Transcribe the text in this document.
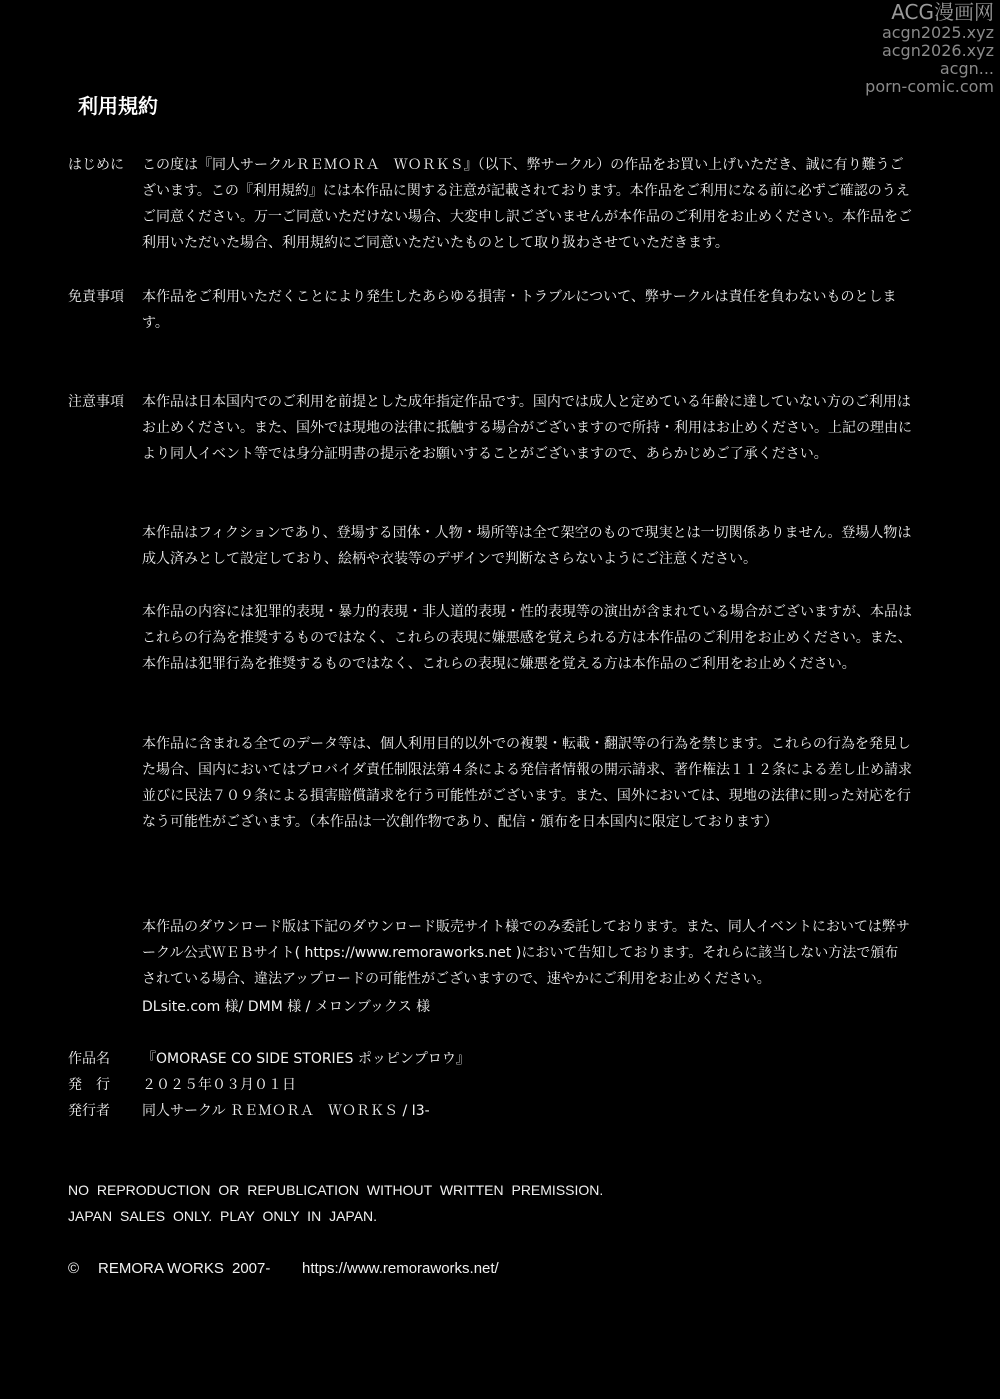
ACG漫画网
acgn2025.xyz
acgn2026.xyz
acgn...
porn-comic.com
利用規約
はじめに この度は『同人サークルＲＥＭＯＲＡ　ＷＯＲＫＳ』（以下、弊サークル）の作品をお買い上げいただき、誠に有り難うございます。この『利用規約』には本作品に関する注意が記載されております。本作品をご利用になる前に必ずご確認のうえご同意ください。万一ご同意いただけない場合、大変申し訳ございませんが本作品のご利用をお止めください。本作品をご利用いただいた場合、利用規約にご同意いただいたものとして取り扱わさせていただきます。
免責事項 本作品をご利用いただくことにより発生したあらゆる損害・トラブルについて、弊サークルは責任を負わないものとします。
注意事項 本作品は日本国内でのご利用を前提とした成年指定作品です。国内では成人と定めている年齢に達していない方のご利用はお止めください。また、国外では現地の法律に抵触する場合がございますので所持・利用はお止めください。上記の理由により同人イベント等では身分証明書の提示をお願いすることがございますので、あらかじめご了承ください。
本作品はフィクションであり、登場する団体・人物・場所等は全て架空のもので現実とは一切関係ありません。登場人物は成人済みとして設定しており、絵柄や衣装等のデザインで判断なさらないようにご注意ください。
本作品の内容には犯罪的表現・暴力的表現・非人道的表現・性的表現等の演出が含まれている場合がございますが、本品はこれらの行為を推奨するものではなく、これらの表現に嫌悪感を覚えられる方は本作品のご利用をお止めください。また、本作品は犯罪行為を推奨するものではなく、これらの表現に嫌悪を覚える方は本作品のご利用をお止めください。
本作品に含まれる全てのデータ等は、個人利用目的以外での複製・転載・翻訳等の行為を禁じます。これらの行為を発見した場合、国内においてはプロバイダ責任制限法第４条による発信者情報の開示請求、著作権法１１２条による差し止め請求並びに民法７０９条による損害賠償請求を行う可能性がございます。また、国外においては、現地の法律に則った対応を行なう可能性がございます。（本作品は一次創作物であり、配信・頒布を日本国内に限定しております）
本作品のダウンロード版は下記のダウンロード販売サイト様でのみ委託しております。また、同人イベントにおいては弊サークル公式ＷＥＢサイト( https://www.remoraworks.net )において告知しております。それらに該当しない方法で頒布されている場合、違法アップロードの可能性がございますので、速やかにご利用をお止めください。
DLsite.com 様/ DMM 様 / メロンブックス 様
作品名 『OMORASE CO SIDE STORIES ポッピンプロウ』
発　行 ２０２５年０３月０１日
発行者 同人サークル ＲＥＭＯＲＡ　ＷＯＲＫＳ / I3-
NO REPRODUCTION OR REPUBLICATION WITHOUT WRITTEN PREMISSION.
JAPAN SALES ONLY. PLAY ONLY IN JAPAN.
© REMORA WORKS 2007- https://www.remoraworks.net/
